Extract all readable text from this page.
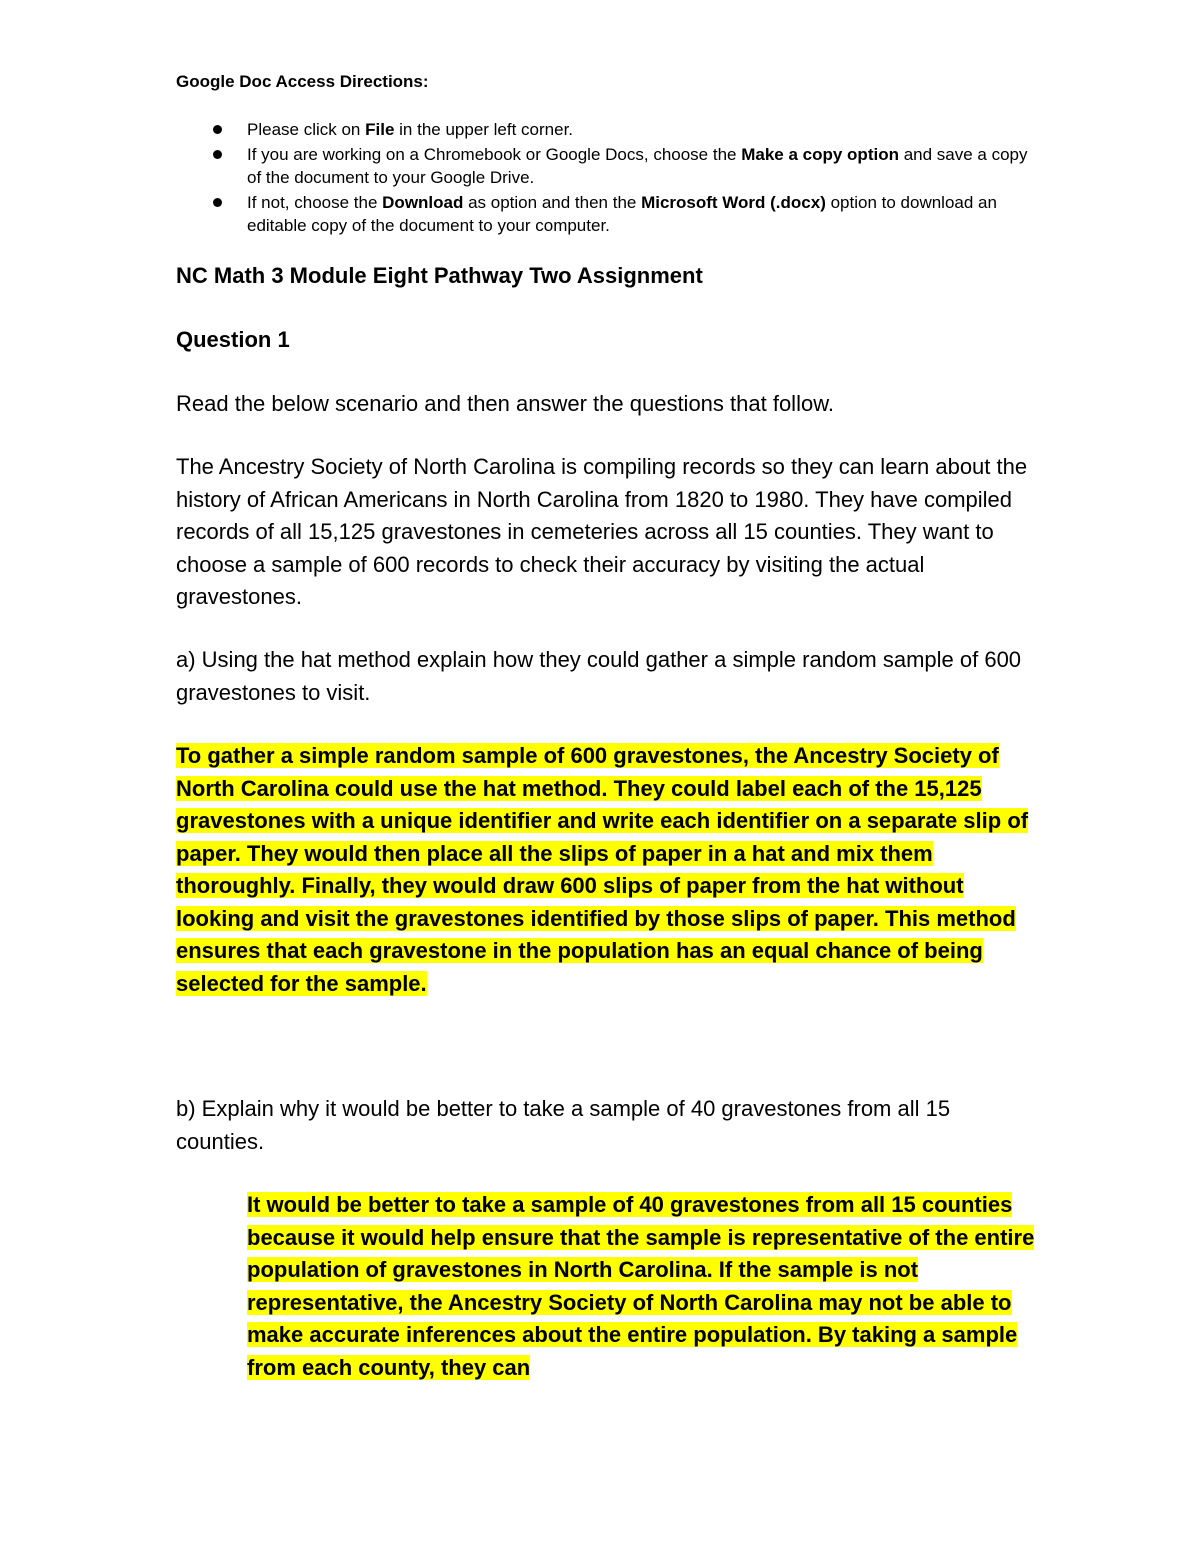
Google Doc Access Directions:

Please click on File in the upper left corner.
If you are working on a Chromebook or Google Docs, choose the Make a copy option and save a copy of the document to your Google Drive.
If not, choose the Download as option and then the Microsoft Word (.docx) option to download an editable copy of the document to your computer.
NC Math 3 Module Eight Pathway Two Assignment
Question 1

Read the below scenario and then answer the questions that follow.

The Ancestry Society of North Carolina is compiling records so they can learn about the history of African Americans in North Carolina from 1820 to 1980. They have compiled records of all 15,125 gravestones in cemeteries across all 15 counties. They want to choose a sample of 600 records to check their accuracy by visiting the actual gravestones.

a) Using the hat method explain how they could gather a simple random sample of 600 gravestones to visit.

To gather a simple random sample of 600 gravestones, the Ancestry Society of North Carolina could use the hat method. They could label each of the 15,125 gravestones with a unique identifier and write each identifier on a separate slip of paper. They would then place all the slips of paper in a hat and mix them thoroughly. Finally, they would draw 600 slips of paper from the hat without looking and visit the gravestones identified by those slips of paper. This method ensures that each gravestone in the population has an equal chance of being selected for the sample.

b) Explain why it would be better to take a sample of 40 gravestones from all 15 counties.

It would be better to take a sample of 40 gravestones from all 15 counties because it would help ensure that the sample is representative of the entire population of gravestones in North Carolina. If the sample is not representative, the Ancestry Society of North Carolina may not be able to make accurate inferences about the entire population. By taking a sample from each county, they can
